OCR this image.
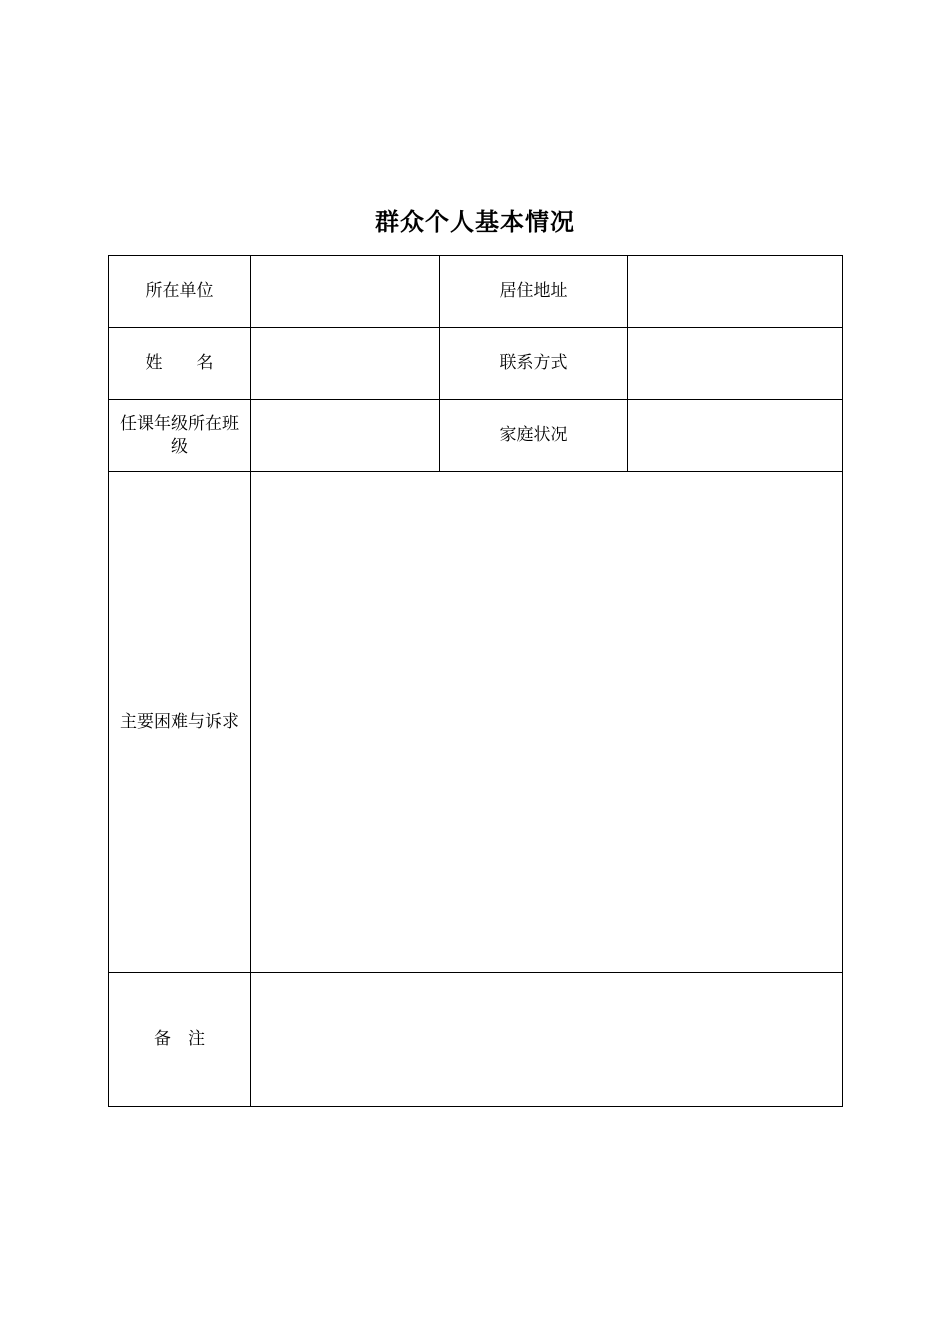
群众个人基本情况
所在单位		居住地址	
姓　　名		联系方式	
任课年级所在班级		家庭状况	
主要困难与诉求			
备　注			
